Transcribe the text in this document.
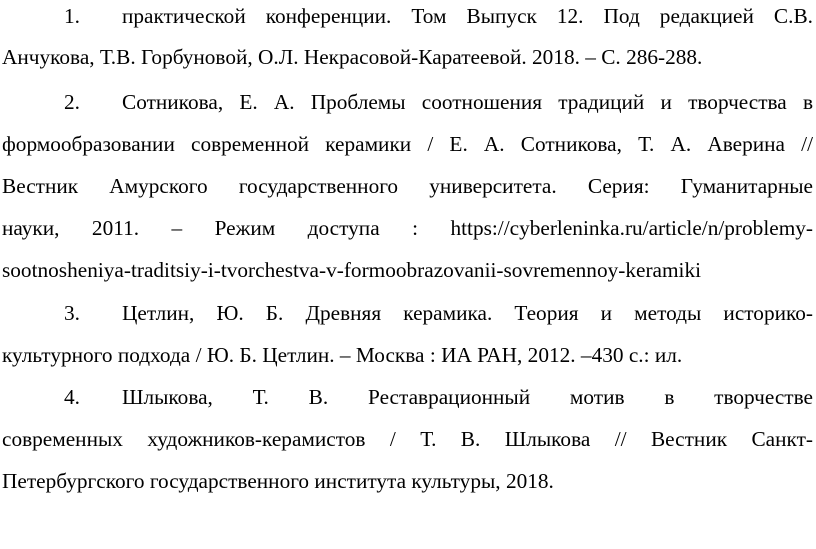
1. практической конференции. Том Выпуск 12. Под редакцией С.В.
Анчукова, Т.В. Горбуновой, О.Л. Некрасовой-Каратеевой. 2018. – С. 286-288.
2. Сотникова, Е. А. Проблемы соотношения традиций и творчества в
формообразовании современной керамики / Е. А. Сотникова, Т. А. Аверина //
Вестник Амурского государственного университета. Серия: Гуманитарные
науки, 2011. – Режим доступа : https://cyberleninka.ru/article/n/problemy-
sootnosheniya-traditsiy-i-tvorchestva-v-formoobrazovanii-sovremennoy-keramiki
3. Цетлин, Ю. Б. Древняя керамика. Теория и методы историко-
культурного подхода / Ю. Б. Цетлин. – Москва : ИА РАН, 2012. –430 с.: ил.
4. Шлыкова, Т. В. Реставрационный мотив в творчестве
современных художников-керамистов / Т. В. Шлыкова // Вестник Санкт-
Петербургского государственного института культуры, 2018.
